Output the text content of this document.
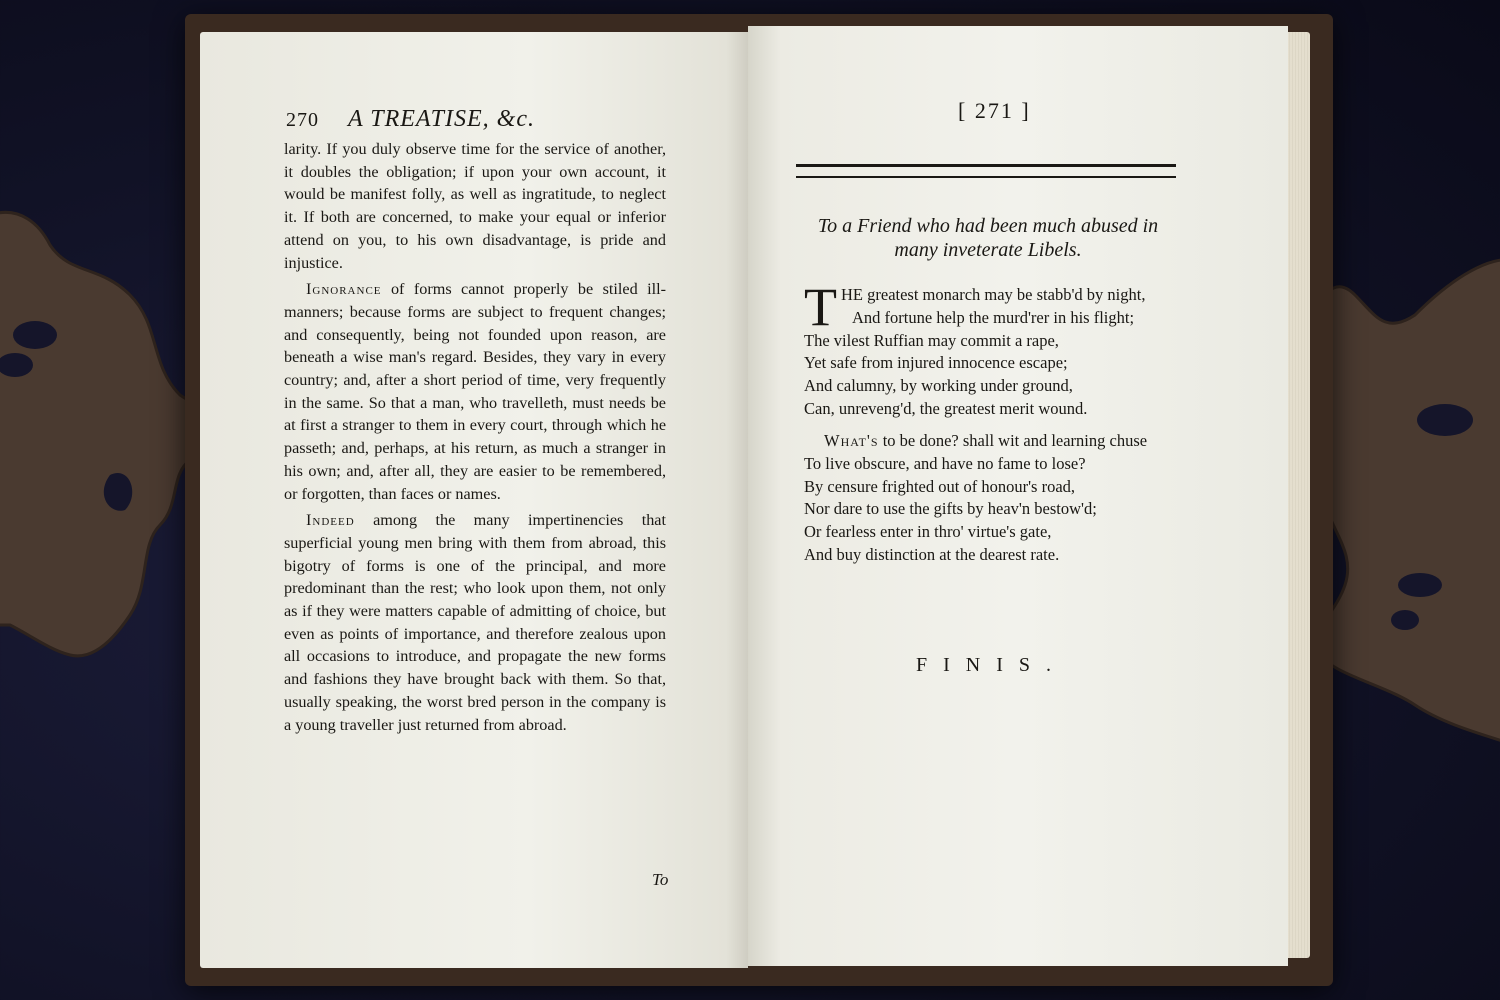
270 A TREATISE, &c.

larity. If you duly observe time for the service of another, it doubles the obligation; if upon your own account, it would be manifest folly, as well as ingratitude, to neglect it. If both are concerned, to make your equal or inferior attend on you, to his own disadvantage, is pride and injustice.

Ignorance of forms cannot properly be stiled ill-manners; because forms are subject to frequent changes; and consequently, being not founded upon reason, are beneath a wise man's regard. Besides, they vary in every country; and, after a short period of time, very frequently in the same. So that a man, who travelleth, must needs be at first a stranger to them in every court, through which he passeth; and, perhaps, at his return, as much a stranger in his own; and, after all, they are easier to be remembered, or forgotten, than faces or names.

Indeed among the many impertinencies that superficial young men bring with them from abroad, this bigotry of forms is one of the principal, and more predominant than the rest; who look upon them, not only as if they were matters capable of admitting of choice, but even as points of importance, and therefore zealous upon all occasions to introduce, and propagate the new forms and fashions they have brought back with them. So that, usually speaking, the worst bred person in the company is a young traveller just returned from abroad.

To
[ 271 ]
To a Friend who had been much abused in
many inveterate Libels.
T HE greatest monarch may be stabb'd by night,
And fortune help the murd'rer in his flight;
The vilest Ruffian may commit a rape,
Yet safe from injured innocence escape;
And calumny, by working under ground,
Can, unreveng'd, the greatest merit wound.
What's to be done? shall wit and learning chuse
To live obscure, and have no fame to lose?
By censure frighted out of honour's road,
Nor dare to use the gifts by heav'n bestow'd;
Or fearless enter in thro' virtue's gate,
And buy distinction at the dearest rate.
FINIS.
